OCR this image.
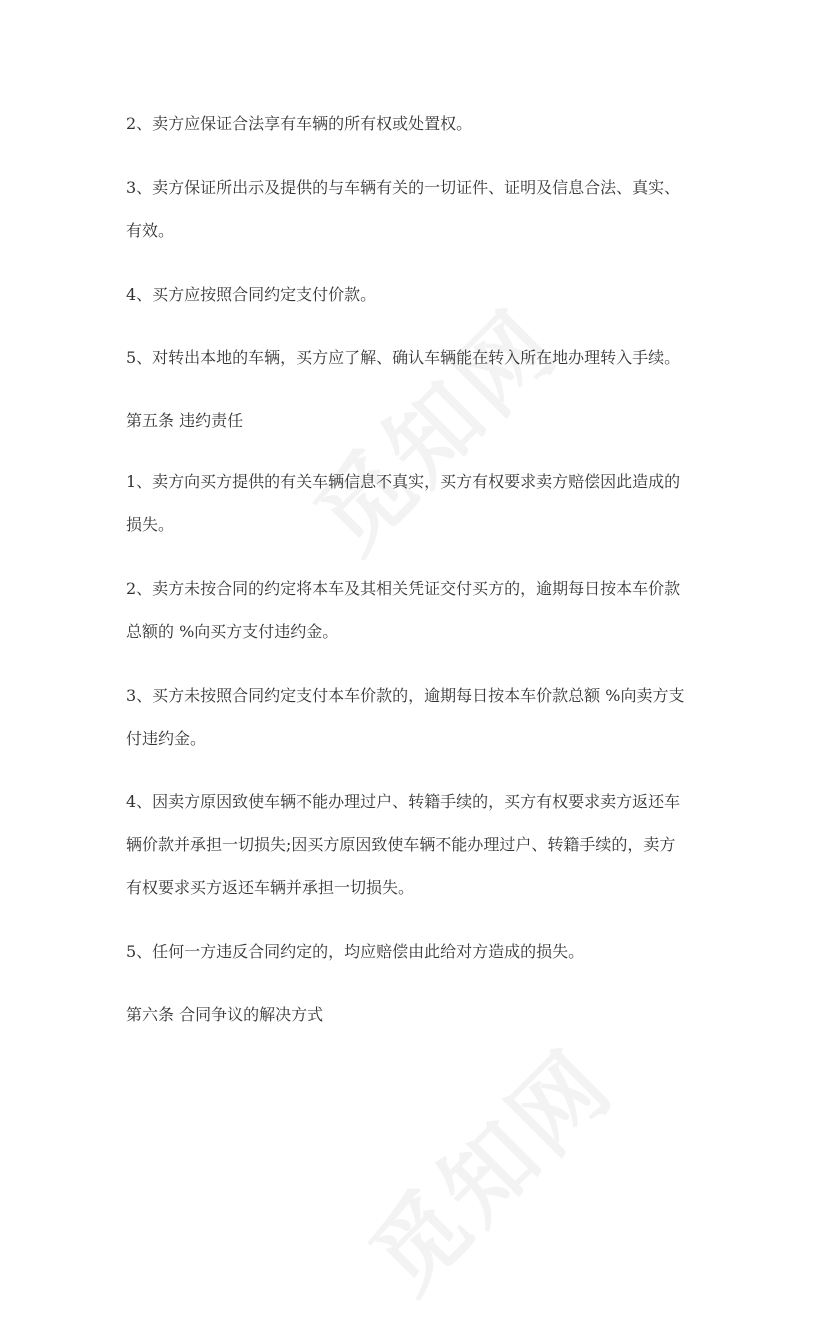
2、卖方应保证合法享有车辆的所有权或处置权。
3、卖方保证所出示及提供的与车辆有关的一切证件、证明及信息合法、真实、
有效。
4、买方应按照合同约定支付价款。
5、对转出本地的车辆，买方应了解、确认车辆能在转入所在地办理转入手续。
第五条 违约责任
1、卖方向买方提供的有关车辆信息不真实，买方有权要求卖方赔偿因此造成的
损失。
2、卖方未按合同的约定将本车及其相关凭证交付买方的，逾期每日按本车价款
总额的 %向买方支付违约金。
3、买方未按照合同约定支付本车价款的，逾期每日按本车价款总额 %向卖方支
付违约金。
4、因卖方原因致使车辆不能办理过户、转籍手续的，买方有权要求卖方返还车
辆价款并承担一切损失;因买方原因致使车辆不能办理过户、转籍手续的，卖方
有权要求买方返还车辆并承担一切损失。
5、任何一方违反合同约定的，均应赔偿由此给对方造成的损失。
第六条 合同争议的解决方式
